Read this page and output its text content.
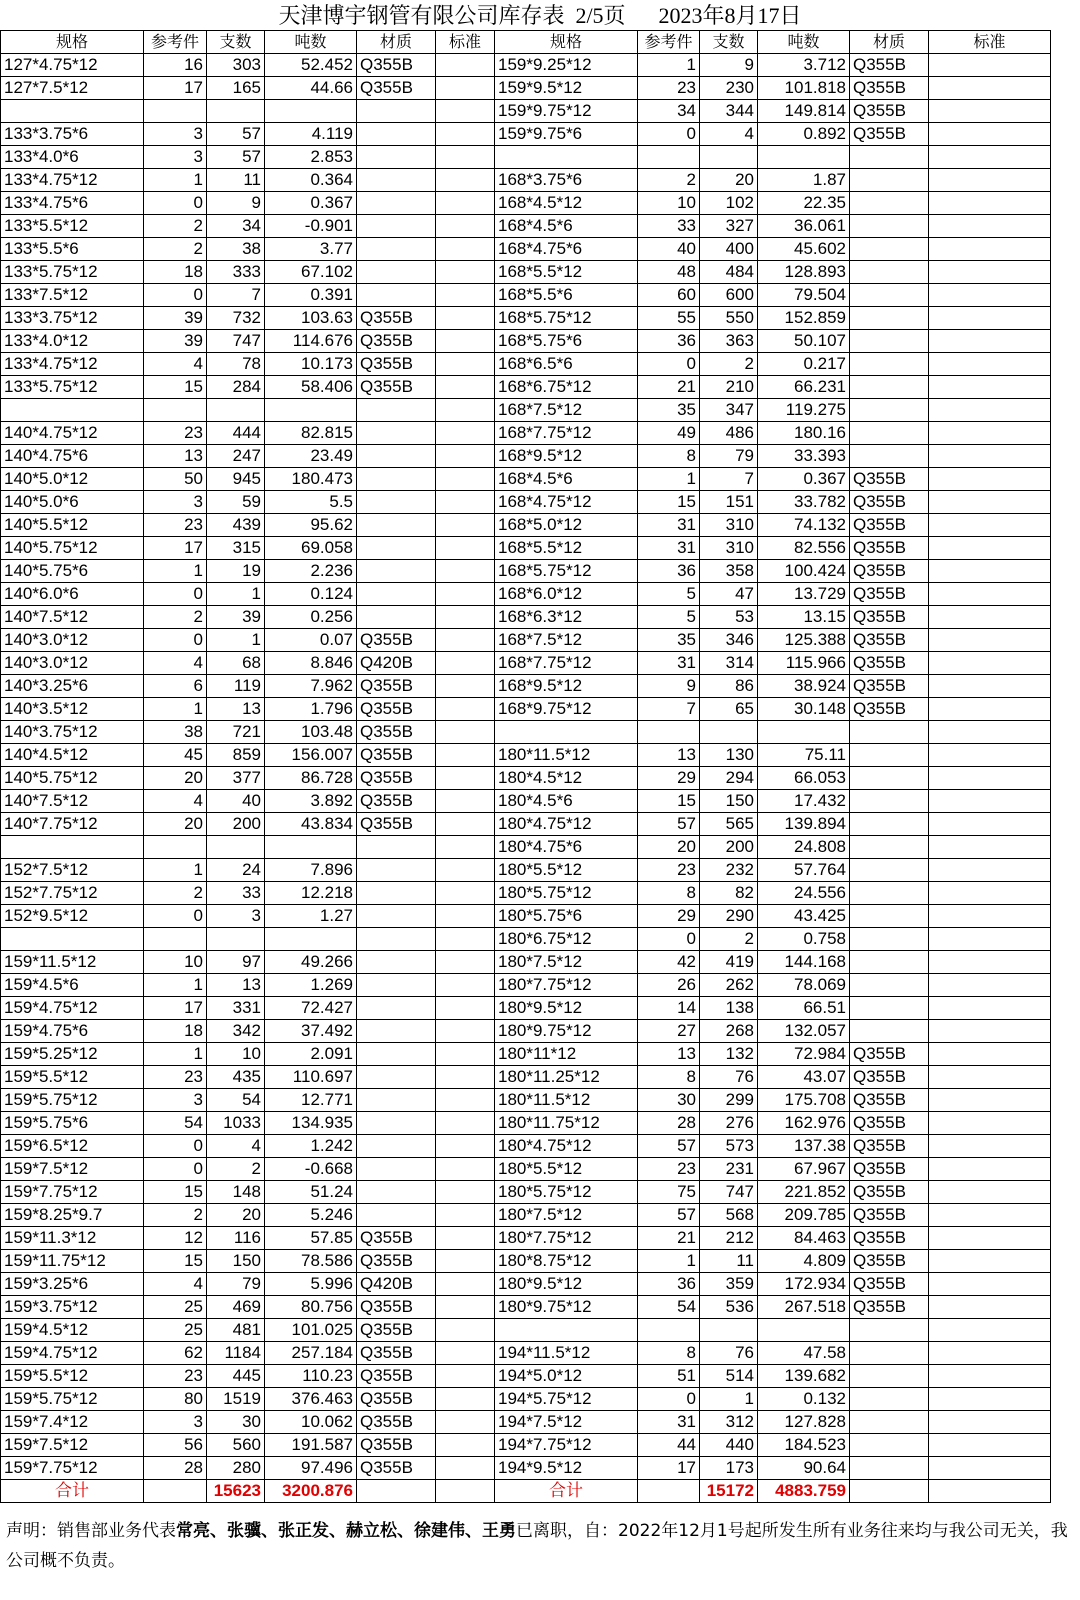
天津博宇钢管有限公司库存表  2/5页      2023年8月17日
规格	参考件	支数	吨数	材质	标准	规格	参考件	支数	吨数	材质	标准
127*4.75*12	16	303	52.452	Q355B		159*9.25*12	1	9	3.712	Q355B	
127*7.5*12	17	165	44.66	Q355B		159*9.5*12	23	230	101.818	Q355B	
						159*9.75*12	34	344	149.814	Q355B	
133*3.75*6	3	57	4.119			159*9.75*6	0	4	0.892	Q355B	
133*4.0*6	3	57	2.853								
133*4.75*12	1	11	0.364			168*3.75*6	2	20	1.87		
133*4.75*6	0	9	0.367			168*4.5*12	10	102	22.35		
133*5.5*12	2	34	-0.901			168*4.5*6	33	327	36.061		
133*5.5*6	2	38	3.77			168*4.75*6	40	400	45.602		
133*5.75*12	18	333	67.102			168*5.5*12	48	484	128.893		
133*7.5*12	0	7	0.391			168*5.5*6	60	600	79.504		
133*3.75*12	39	732	103.63	Q355B		168*5.75*12	55	550	152.859		
133*4.0*12	39	747	114.676	Q355B		168*5.75*6	36	363	50.107		
133*4.75*12	4	78	10.173	Q355B		168*6.5*6	0	2	0.217		
133*5.75*12	15	284	58.406	Q355B		168*6.75*12	21	210	66.231		
						168*7.5*12	35	347	119.275		
140*4.75*12	23	444	82.815			168*7.75*12	49	486	180.16		
140*4.75*6	13	247	23.49			168*9.5*12	8	79	33.393		
140*5.0*12	50	945	180.473			168*4.5*6	1	7	0.367	Q355B	
140*5.0*6	3	59	5.5			168*4.75*12	15	151	33.782	Q355B	
140*5.5*12	23	439	95.62			168*5.0*12	31	310	74.132	Q355B	
140*5.75*12	17	315	69.058			168*5.5*12	31	310	82.556	Q355B	
140*5.75*6	1	19	2.236			168*5.75*12	36	358	100.424	Q355B	
140*6.0*6	0	1	0.124			168*6.0*12	5	47	13.729	Q355B	
140*7.5*12	2	39	0.256			168*6.3*12	5	53	13.15	Q355B	
140*3.0*12	0	1	0.07	Q355B		168*7.5*12	35	346	125.388	Q355B	
140*3.0*12	4	68	8.846	Q420B		168*7.75*12	31	314	115.966	Q355B	
140*3.25*6	6	119	7.962	Q355B		168*9.5*12	9	86	38.924	Q355B	
140*3.5*12	1	13	1.796	Q355B		168*9.75*12	7	65	30.148	Q355B	
140*3.75*12	38	721	103.48	Q355B							
140*4.5*12	45	859	156.007	Q355B		180*11.5*12	13	130	75.11		
140*5.75*12	20	377	86.728	Q355B		180*4.5*12	29	294	66.053		
140*7.5*12	4	40	3.892	Q355B		180*4.5*6	15	150	17.432		
140*7.75*12	20	200	43.834	Q355B		180*4.75*12	57	565	139.894		
						180*4.75*6	20	200	24.808		
152*7.5*12	1	24	7.896			180*5.5*12	23	232	57.764		
152*7.75*12	2	33	12.218			180*5.75*12	8	82	24.556		
152*9.5*12	0	3	1.27			180*5.75*6	29	290	43.425		
						180*6.75*12	0	2	0.758		
159*11.5*12	10	97	49.266			180*7.5*12	42	419	144.168		
159*4.5*6	1	13	1.269			180*7.75*12	26	262	78.069		
159*4.75*12	17	331	72.427			180*9.5*12	14	138	66.51		
159*4.75*6	18	342	37.492			180*9.75*12	27	268	132.057		
159*5.25*12	1	10	2.091			180*11*12	13	132	72.984	Q355B	
159*5.5*12	23	435	110.697			180*11.25*12	8	76	43.07	Q355B	
159*5.75*12	3	54	12.771			180*11.5*12	30	299	175.708	Q355B	
159*5.75*6	54	1033	134.935			180*11.75*12	28	276	162.976	Q355B	
159*6.5*12	0	4	1.242			180*4.75*12	57	573	137.38	Q355B	
159*7.5*12	0	2	-0.668			180*5.5*12	23	231	67.967	Q355B	
159*7.75*12	15	148	51.24			180*5.75*12	75	747	221.852	Q355B	
159*8.25*9.7	2	20	5.246			180*7.5*12	57	568	209.785	Q355B	
159*11.3*12	12	116	57.85	Q355B		180*7.75*12	21	212	84.463	Q355B	
159*11.75*12	15	150	78.586	Q355B		180*8.75*12	1	11	4.809	Q355B	
159*3.25*6	4	79	5.996	Q420B		180*9.5*12	36	359	172.934	Q355B	
159*3.75*12	25	469	80.756	Q355B		180*9.75*12	54	536	267.518	Q355B	
159*4.5*12	25	481	101.025	Q355B							
159*4.75*12	62	1184	257.184	Q355B		194*11.5*12	8	76	47.58		
159*5.5*12	23	445	110.23	Q355B		194*5.0*12	51	514	139.682		
159*5.75*12	80	1519	376.463	Q355B		194*5.75*12	0	1	0.132		
159*7.4*12	3	30	10.062	Q355B		194*7.5*12	31	312	127.828		
159*7.5*12	56	560	191.587	Q355B		194*7.75*12	44	440	184.523		
159*7.75*12	28	280	97.496	Q355B		194*9.5*12	17	173	90.64		
合计		15623	3200.876			合计		15172	4883.759		
声明：销售部业务代表常亮、张骥、张正发、赫立松、徐建伟、王勇已离职，自：2022年12月1号起所发生所有业务往来均与我公司无关，我公司概不负责。
